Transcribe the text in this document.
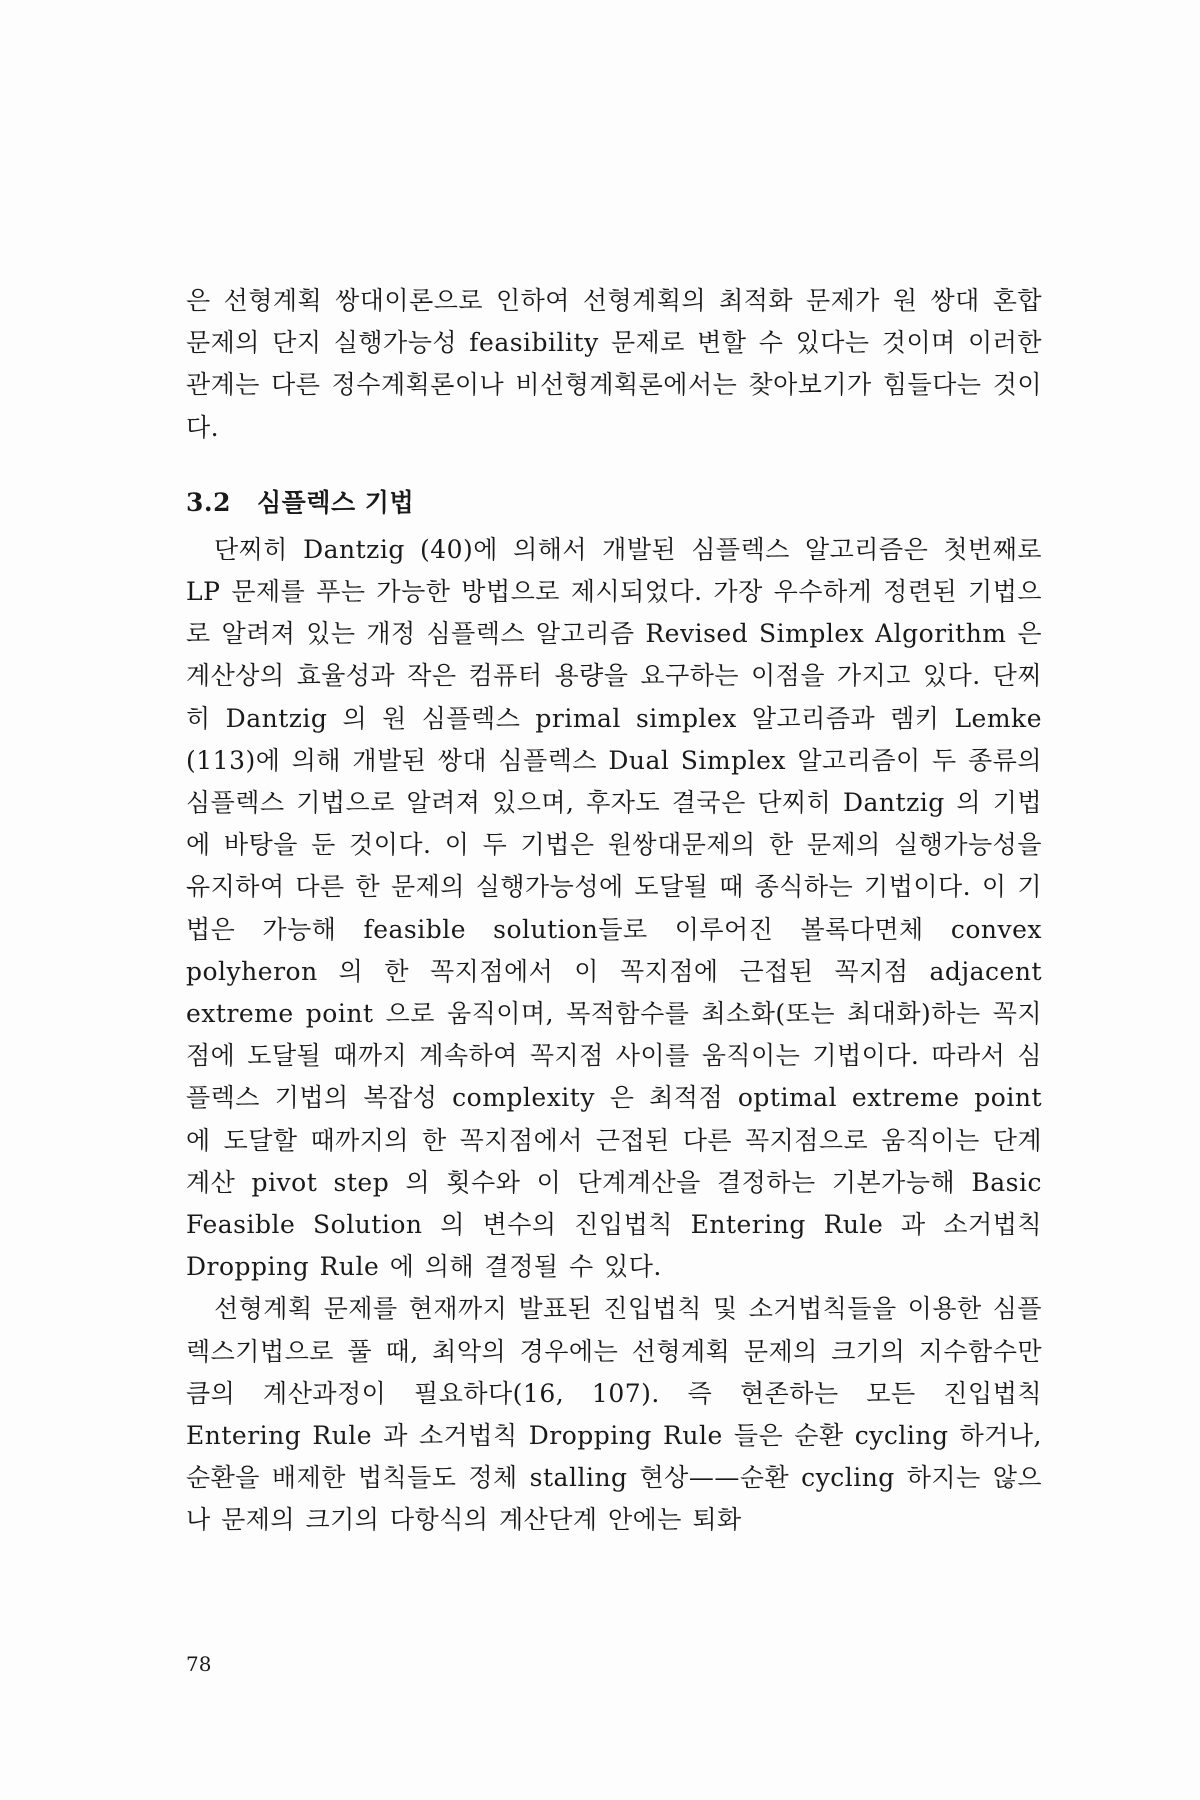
은 선형계획 쌍대이론으로 인하여 선형계획의 최적화 문제가 원 쌍대 혼합 문제의 단지 실행가능성 feasibility 문제로 변할 수 있다는 것이며 이러한 관계는 다른 정수계획론이나 비선형계획론에서는 찾아보기가 힘들다는 것이다.

3.2 심플렉스 기법

단찌히 Dantzig (40)에 의해서 개발된 심플렉스 알고리즘은 첫번째로 LP 문제를 푸는 가능한 방법으로 제시되었다. 가장 우수하게 정련된 기법으로 알려져 있는 개정 심플렉스 알고리즘 Revised Simplex Algorithm 은 계산상의 효율성과 작은 컴퓨터 용량을 요구하는 이점을 가지고 있다. 단찌히 Dantzig 의 원 심플렉스 primal simplex 알고리즘과 렘키 Lemke (113)에 의해 개발된 쌍대 심플렉스 Dual Simplex 알고리즘이 두 종류의 심플렉스 기법으로 알려져 있으며, 후자도 결국은 단찌히 Dantzig 의 기법에 바탕을 둔 것이다. 이 두 기법은 원쌍대문제의 한 문제의 실행가능성을 유지하여 다른 한 문제의 실행가능성에 도달될 때 종식하는 기법이다. 이 기법은 가능해 feasible solution들로 이루어진 볼록다면체 convex polyheron 의 한 꼭지점에서 이 꼭지점에 근접된 꼭지점 adjacent extreme point 으로 움직이며, 목적함수를 최소화(또는 최대화)하는 꼭지점에 도달될 때까지 계속하여 꼭지점 사이를 움직이는 기법이다. 따라서 심플렉스 기법의 복잡성 complexity 은 최적점 optimal extreme point 에 도달할 때까지의 한 꼭지점에서 근접된 다른 꼭지점으로 움직이는 단계계산 pivot step 의 횟수와 이 단계계산을 결정하는 기본가능해 Basic Feasible Solution 의 변수의 진입법칙 Entering Rule 과 소거법칙 Dropping Rule 에 의해 결정될 수 있다.

선형계획 문제를 현재까지 발표된 진입법칙 및 소거법칙들을 이용한 심플렉스기법으로 풀 때, 최악의 경우에는 선형계획 문제의 크기의 지수함수만큼의 계산과정이 필요하다(16, 107). 즉 현존하는 모든 진입법칙 Entering Rule 과 소거법칙 Dropping Rule 들은 순환 cycling 하거나, 순환을 배제한 법칙들도 정체 stalling 현상——순환 cycling 하지는 않으나 문제의 크기의 다항식의 계산단계 안에는 퇴화

78
